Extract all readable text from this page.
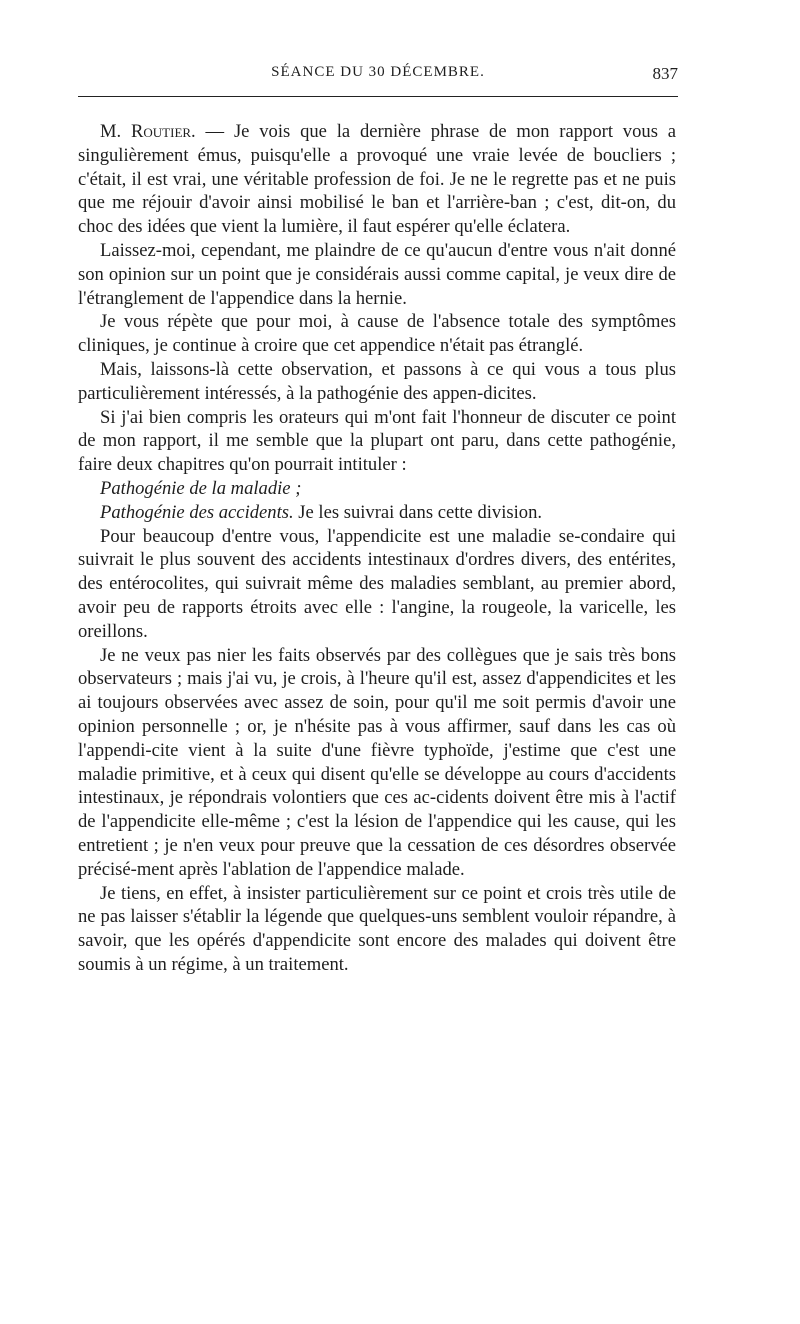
SÉANCE DU 30 DÉCEMBRE.	837

M. Routier. — Je vois que la dernière phrase de mon rapport vous a singulièrement émus, puisqu'elle a provoqué une vraie levée de boucliers ; c'était, il est vrai, une véritable profession de foi. Je ne le regrette pas et ne puis que me réjouir d'avoir ainsi mobilisé le ban et l'arrière-ban ; c'est, dit-on, du choc des idées que vient la lumière, il faut espérer qu'elle éclatera.

Laissez-moi, cependant, me plaindre de ce qu'aucun d'entre vous n'ait donné son opinion sur un point que je considérais aussi comme capital, je veux dire de l'étranglement de l'appendice dans la hernie.

Je vous répète que pour moi, à cause de l'absence totale des symptômes cliniques, je continue à croire que cet appendice n'était pas étranglé.

Mais, laissons-là cette observation, et passons à ce qui vous a tous plus particulièrement intéressés, à la pathogénie des appen-dicites.

Si j'ai bien compris les orateurs qui m'ont fait l'honneur de discuter ce point de mon rapport, il me semble que la plupart ont paru, dans cette pathogénie, faire deux chapitres qu'on pourrait intituler :

Pathogénie de la maladie ;

Pathogénie des accidents. Je les suivrai dans cette division.

Pour beaucoup d'entre vous, l'appendicite est une maladie se-condaire qui suivrait le plus souvent des accidents intestinaux d'ordres divers, des entérites, des entérocolites, qui suivrait même des maladies semblant, au premier abord, avoir peu de rapports étroits avec elle : l'angine, la rougeole, la varicelle, les oreillons.

Je ne veux pas nier les faits observés par des collègues que je sais très bons observateurs ; mais j'ai vu, je crois, à l'heure qu'il est, assez d'appendicites et les ai toujours observées avec assez de soin, pour qu'il me soit permis d'avoir une opinion personnelle ; or, je n'hésite pas à vous affirmer, sauf dans les cas où l'appendi-cite vient à la suite d'une fièvre typhoïde, j'estime que c'est une maladie primitive, et à ceux qui disent qu'elle se développe au cours d'accidents intestinaux, je répondrais volontiers que ces ac-cidents doivent être mis à l'actif de l'appendicite elle-même ; c'est la lésion de l'appendice qui les cause, qui les entretient ; je n'en veux pour preuve que la cessation de ces désordres observée précisé-ment après l'ablation de l'appendice malade.

Je tiens, en effet, à insister particulièrement sur ce point et crois très utile de ne pas laisser s'établir la légende que quelques-uns semblent vouloir répandre, à savoir, que les opérés d'appendicite sont encore des malades qui doivent être soumis à un régime, à un traitement.
